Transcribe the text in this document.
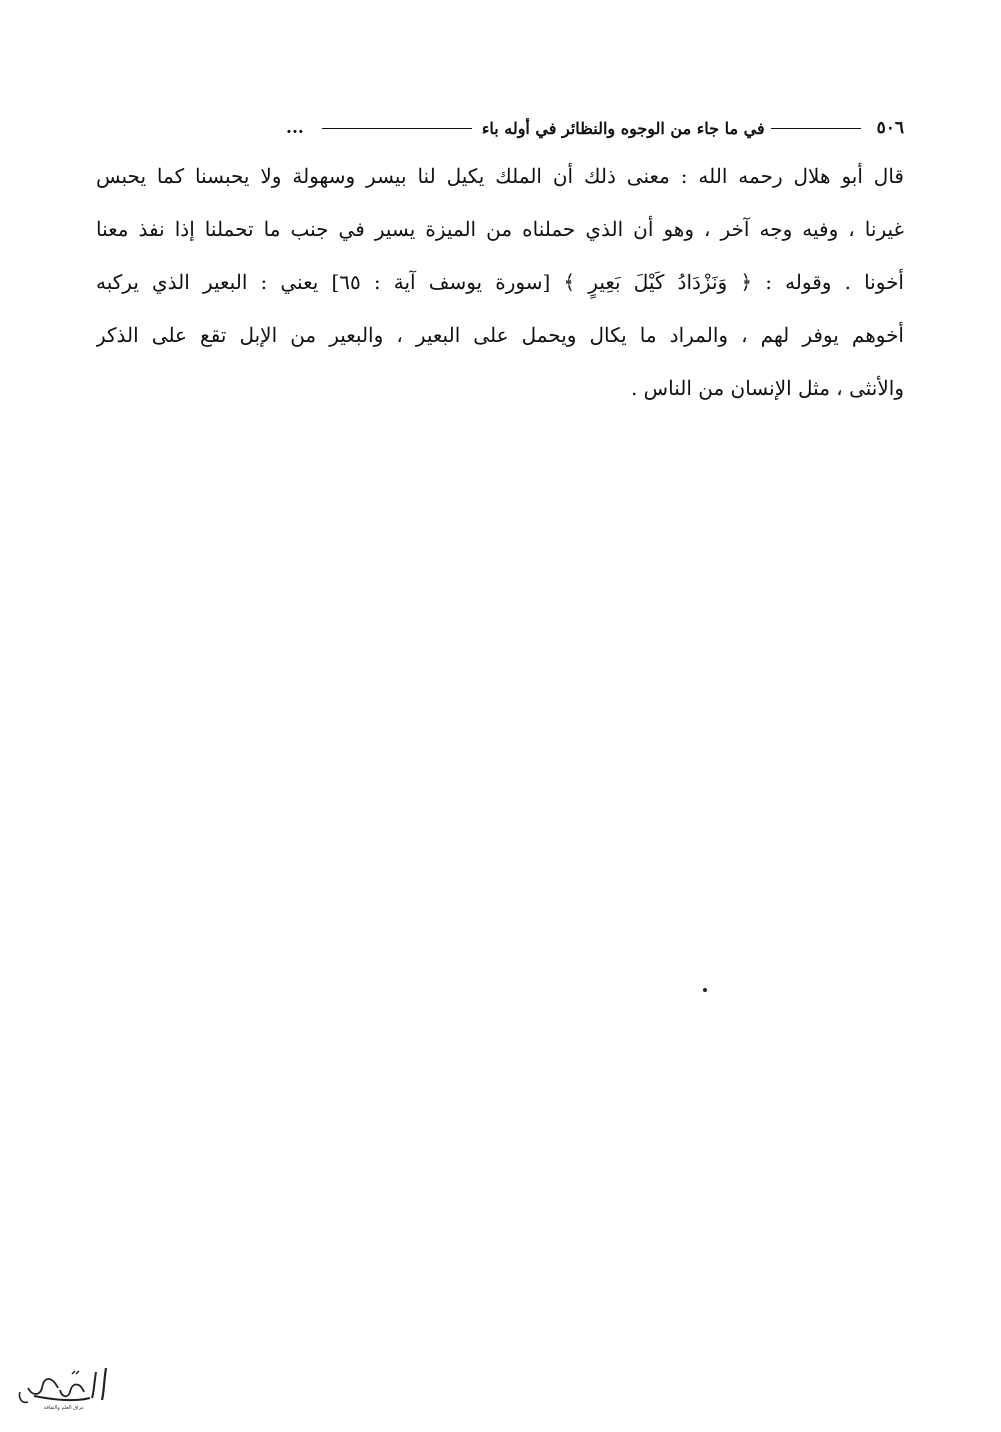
٥٠٦
في ما جاء من الوجوه والنظائر في أوله باء
...
قال أبو هلال رحمه الله : معنى ذلك أن الملك يكيل لنا بيسر وسهولة ولا يحبسنا كما يحبس
غيرنا ، وفيه وجه آخر ، وهو أن الذي حملناه من الميزة يسير في جنب ما تحملنا إذا نفذ معنا
أخونا . وقوله : ﴿ وَنَزْدَادُ كَيْلَ بَعِيرٍ ﴾ [سورة يوسف آية : ٦٥] يعني : البعير الذي يركبه
أخوهم يوفر لهم ، والمراد ما يكال ويحمل على البعير ، والبعير من الإبل تقع على الذكر
والأنثى ، مثل الإنسان من الناس .
عراق العلم والثقافة
